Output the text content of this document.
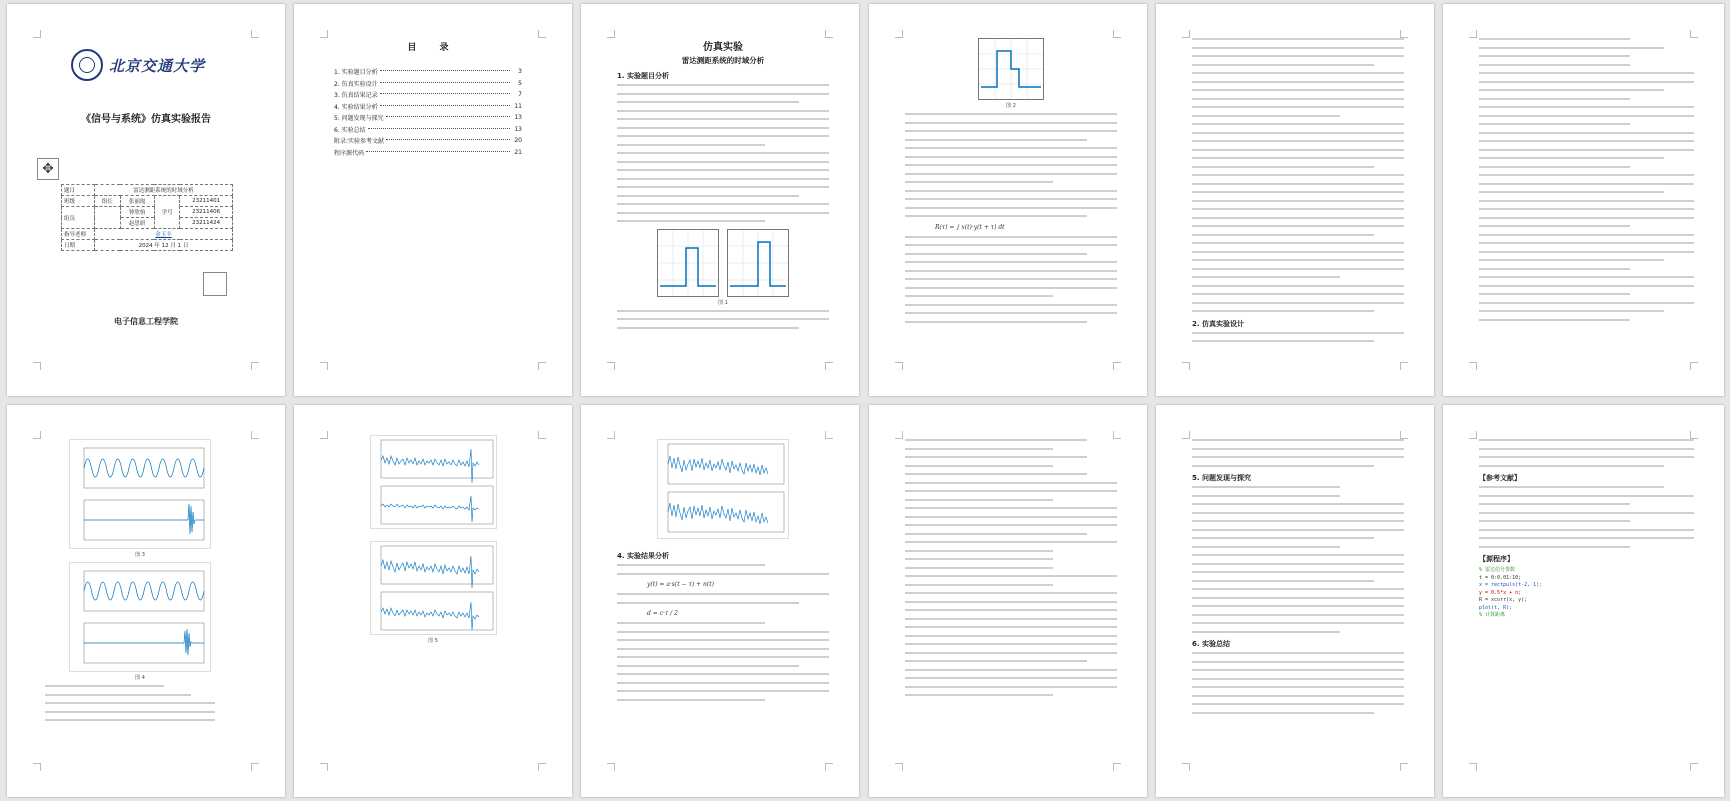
北京交通大学
《信号与系统》仿真实验报告
✥
题目	雷达测距系统的时域分析			
班级	组长	张丽霞	学号	23211401
组员		钟欣怡		23211406
		赵思妍		23211424
指导老师	金玉丰			
日期	2024 年 12 月 1 日			
电子信息工程学院
目 录
1. 实验题目分析	3
2. 仿真实验设计	5
3. 仿真结果记录	7
4. 实验结果分析	11
5. 问题发现与探究	13
6. 实验总结	13
附录:实验参考文献	20
程序源代码	21
仿真实验
雷达测距系统的时域分析
1. 实验题目分析
图 1
图 2
R(τ) = ∫ x(t)·y(t + τ) dt
2. 仿真实验设计
图 3
图 4

图 5

4. 实验结果分析
y(t) = a·s(t − τ) + n(t)
d = c·τ / 2
5. 问题发现与探究
6. 实验总结
【参考文献】
【源程序】
% 雷达信号参数
t = 0:0.01:10;
x = rectpuls(t-2, 1);
y = 0.5*x + n;
R = xcorr(x, y);
plot(t, R);
% 计算距离
